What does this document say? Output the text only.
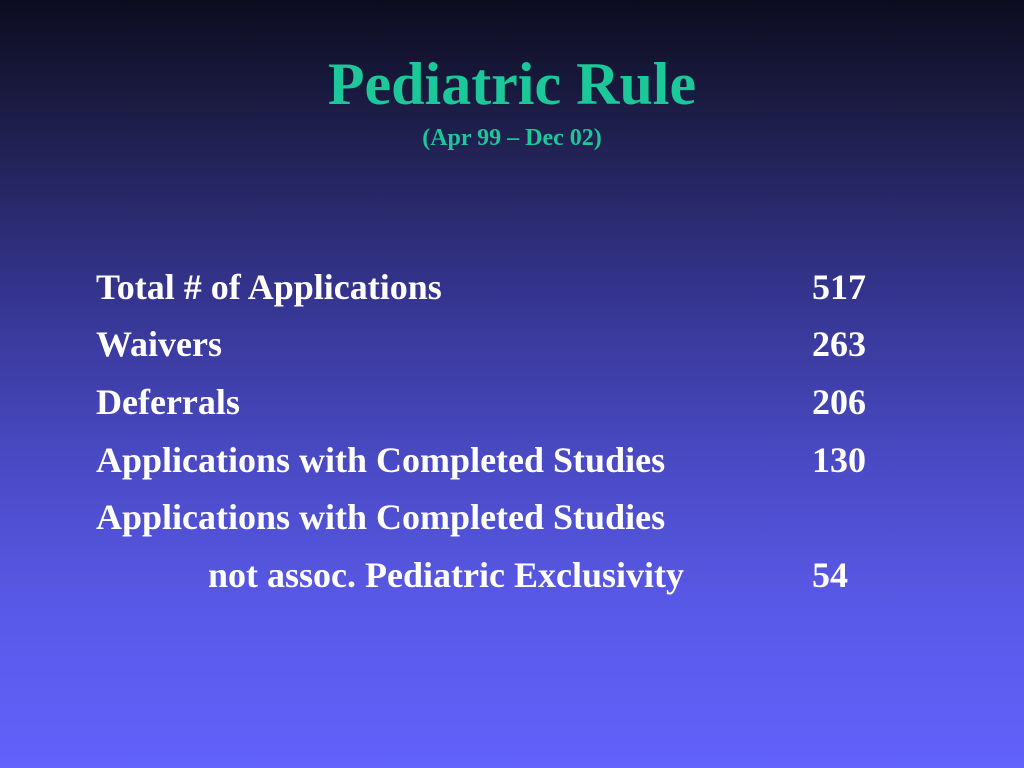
Pediatric Rule
(Apr 99 – Dec 02)
Total # of Applications	517
Waivers	263
Deferrals	206
Applications with Completed Studies	130
Applications with Completed Studies
not assoc. Pediatric Exclusivity	54
